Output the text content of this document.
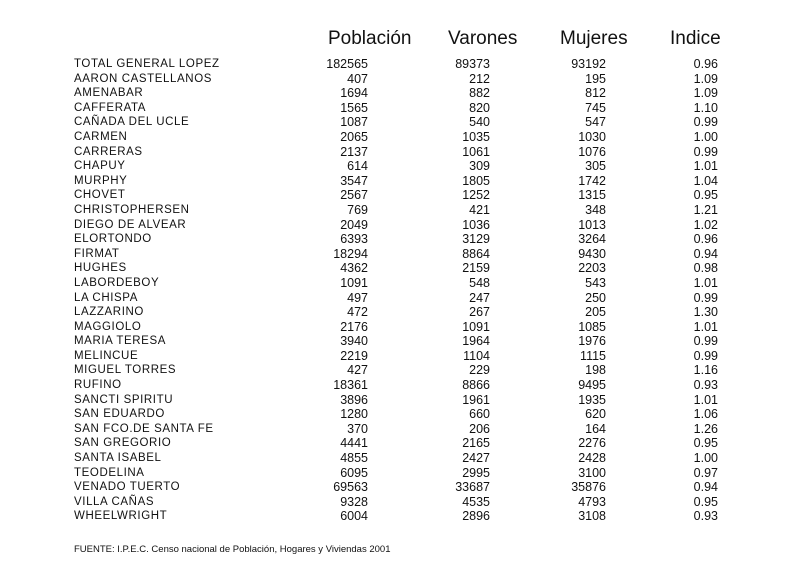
Población Varones Mujeres Indice
TOTAL GENERAL LOPEZ	182565	89373	93192	0.96
AARON CASTELLANOS	407	212	195	1.09
AMENABAR	1694	882	812	1.09
CAFFERATA	1565	820	745	1.10
CAÑADA DEL UCLE	1087	540	547	0.99
CARMEN	2065	1035	1030	1.00
CARRERAS	2137	1061	1076	0.99
CHAPUY	614	309	305	1.01
MURPHY	3547	1805	1742	1.04
CHOVET	2567	1252	1315	0.95
CHRISTOPHERSEN	769	421	348	1.21
DIEGO DE ALVEAR	2049	1036	1013	1.02
ELORTONDO	6393	3129	3264	0.96
FIRMAT	18294	8864	9430	0.94
HUGHES	4362	2159	2203	0.98
LABORDEBOY	1091	548	543	1.01
LA CHISPA	497	247	250	0.99
LAZZARINO	472	267	205	1.30
MAGGIOLO	2176	1091	1085	1.01
MARIA TERESA	3940	1964	1976	0.99
MELINCUE	2219	1104	1115	0.99
MIGUEL TORRES	427	229	198	1.16
RUFINO	18361	8866	9495	0.93
SANCTI SPIRITU	3896	1961	1935	1.01
SAN EDUARDO	1280	660	620	1.06
SAN FCO.DE SANTA FE	370	206	164	1.26
SAN GREGORIO	4441	2165	2276	0.95
SANTA ISABEL	4855	2427	2428	1.00
TEODELINA	6095	2995	3100	0.97
VENADO TUERTO	69563	33687	35876	0.94
VILLA CAÑAS	9328	4535	4793	0.95
WHEELWRIGHT	6004	2896	3108	0.93
FUENTE: I.P.E.C. Censo nacional de Población, Hogares y Viviendas 2001
